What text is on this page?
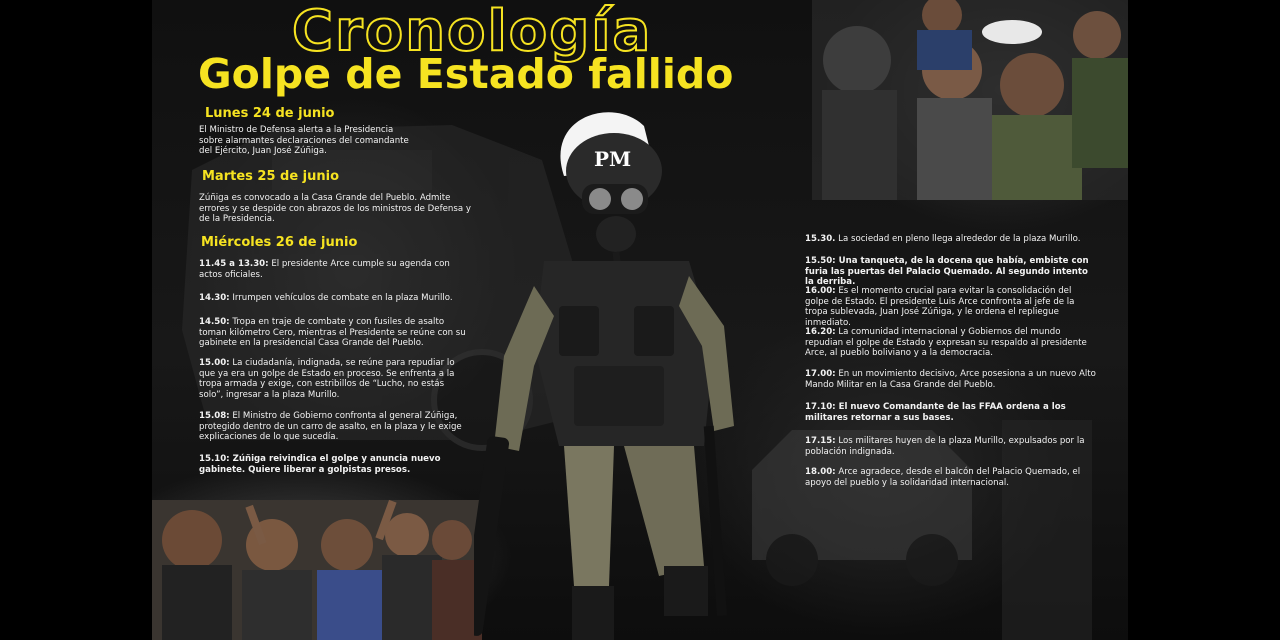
Cronología
Golpe de Estado fallido
PM
Lunes 24 de junio
El Ministro de Defensa alerta a la Presidencia sobre alarmantes declaraciones del comandante del Ejército, Juan José Zúñiga.
Martes 25 de junio
Zúñiga es convocado a la Casa Grande del Pueblo. Admite errores y se despide con abrazos de los ministros de Defensa y de la Presidencia.
Miércoles 26 de junio
11.45 a 13.30: El presidente Arce cumple su agenda con actos oficiales.
14.30: Irrumpen vehículos de combate en la plaza Murillo.
14.50: Tropa en traje de combate y con fusiles de asalto toman kilómetro Cero, mientras el Presidente se reúne con su gabinete en la presidencial Casa Grande del Pueblo.
15.00: La ciudadanía, indignada, se reúne para repudiar lo que ya era un golpe de Estado en proceso. Se enfrenta a la tropa armada y exige, con estribillos de “Lucho, no estás solo”, ingresar a la plaza Murillo.
15.08: El Ministro de Gobierno confronta al general Zúñiga, protegido dentro de un carro de asalto, en la plaza y le exige explicaciones de lo que sucedía.
15.10: Zúñiga reivindica el golpe y anuncia nuevo gabinete. Quiere liberar a golpistas presos.
15.30. La sociedad en pleno llega alrededor de la plaza Murillo.
15.50: Una tanqueta, de la docena que había, embiste con furia las puertas del Palacio Quemado. Al segundo intento la derriba.
16.00: Es el momento crucial para evitar la consolidación del golpe de Estado. El presidente Luis Arce confronta al jefe de la tropa sublevada, Juan José Zúñiga, y le ordena el repliegue inmediato.
16.20: La comunidad internacional y Gobiernos del mundo repudian el golpe de Estado y expresan su respaldo al presidente Arce, al pueblo boliviano y a la democracia.
17.00: En un movimiento decisivo, Arce posesiona a un nuevo Alto Mando Militar en la Casa Grande del Pueblo.
17.10: El nuevo Comandante de las FFAA ordena a los militares retornar a sus bases.
17.15: Los militares huyen de la plaza Murillo, expulsados por la población indignada.
18.00: Arce agradece, desde el balcón del Palacio Quemado, el apoyo del pueblo y la solidaridad internacional.
